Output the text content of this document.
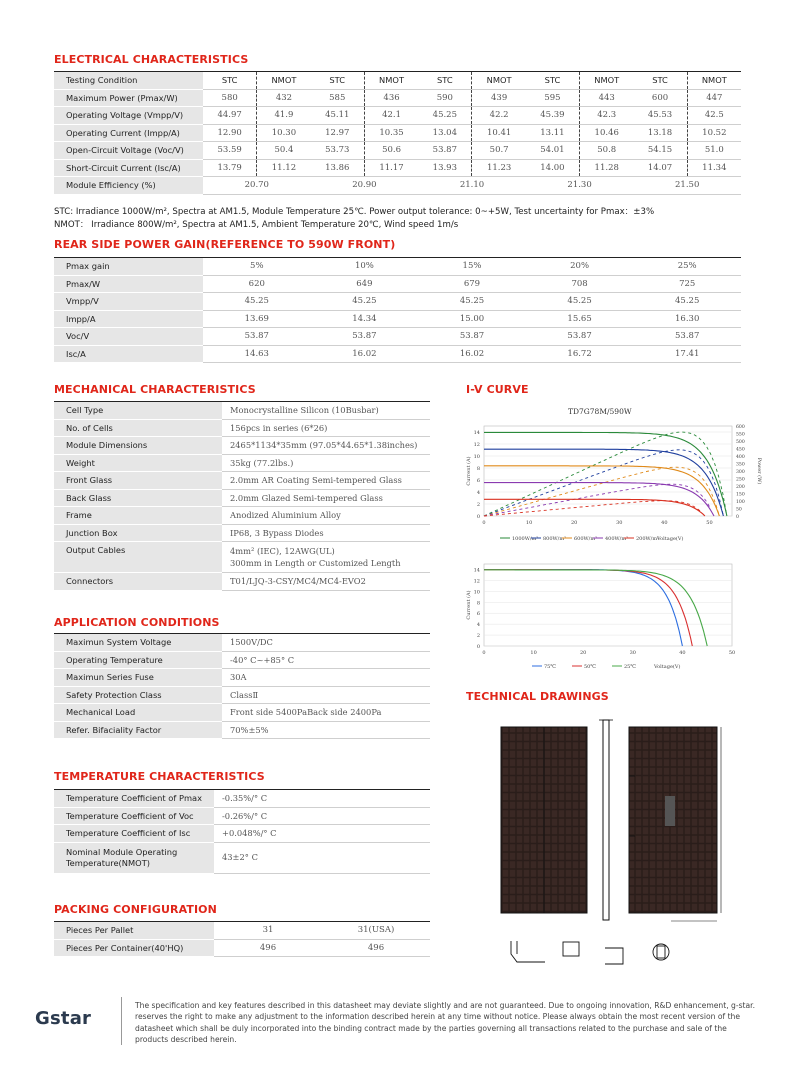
ELECTRICAL CHARACTERISTICS
Testing Condition	STC	NMOT	STC	NMOT	STC	NMOT	STC	NMOT	STC	NMOT
Maximum Power (Pmax/W)	580	432	585	436	590	439	595	443	600	447
Operating Voltage (Vmpp/V)	44.97	41.9	45.11	42.1	45.25	42.2	45.39	42.3	45.53	42.5
Operating Current (Impp/A)	12.90	10.30	12.97	10.35	13.04	10.41	13.11	10.46	13.18	10.52
Open-Circuit Voltage (Voc/V)	53.59	50.4	53.73	50.6	53.87	50.7	54.01	50.8	54.15	51.0
Short-Circuit Current (Isc/A)	13.79	11.12	13.86	11.17	13.93	11.23	14.00	11.28	14.07	11.34
Module Efficiency (%)	20.70		20.90		21.10		21.30		21.50	
STC: Irradiance 1000W/m², Spectra at AM1.5, Module Temperature 25℃. Power output tolerance: 0~+5W, Test uncertainty for Pmax：±3%
NMOT： Irradiance 800W/m², Spectra at AM1.5, Ambient Temperature 20℃, Wind speed 1m/s
REAR SIDE POWER GAIN(REFERENCE TO 590W FRONT)
Pmax gain	5%	10%	15%	20%	25%
Pmax/W	620	649	679	708	725
Vmpp/V	45.25	45.25	45.25	45.25	45.25
Impp/A	13.69	14.34	15.00	15.65	16.30
Voc/V	53.87	53.87	53.87	53.87	53.87
Isc/A	14.63	16.02	16.02	16.72	17.41
MECHANICAL CHARACTERISTICS
Cell Type	Monocrystalline Silicon (10Busbar)
No. of Cells	156pcs in series (6*26)
Module Dimensions	2465*1134*35mm (97.05*44.65*1.38inches)
Weight	35kg (77.2lbs.)
Front Glass	2.0mm AR Coating Semi-tempered Glass
Back Glass	2.0mm Glazed Semi-tempered Glass
Frame	Anodized Aluminium Alloy
Junction Box	IP68, 3 Bypass Diodes
Output Cables	4mm² (IEC), 12AWG(UL)
300mm in Length or Customized Length

Connectors	T01/LJQ-3-CSY/MC4/MC4-EVO2
APPLICATION CONDITIONS
Maximun System Voltage	1500V/DC
Operating Temperature	-40° C~+85° C
Maximun Series Fuse	30A
Safety Protection Class	ClassⅡ
Mechanical Load	Front side 5400PaBack side 2400Pa
Refer. Bifaciality Factor	70%±5%
TEMPERATURE CHARACTERISTICS
Temperature Coefficient of Pmax	-0.35%/° C
Temperature Coefficient of Voc	-0.26%/° C
Temperature Coefficient of Isc	+0.048%/° C

Nominal Module Operating
Temperature(NMOT)	43±2° C
PACKING CONFIGURATION
Pieces Per Pallet	31	31(USA)
Pieces Per Container(40'HQ)	496	496
I-V CURVE
TD7G78M/590W
0
2
4
6
8
10
12
14
0	10	20	30	40	50
Current (A)
1000W/m² 800W/m² 600W/m² 400W/m² 200W/m²
Voltage(V)
0
50
100
150
200
250
300
350
400
450
500
550
600
Power (W)
0
2
4
6
8
10
12
14
0	10	20	30	40	50
Current (A)
75℃	50℃	25℃	Voltage(V)
TECHNICAL DRAWINGS
Gstar
The specification and key features described in this datasheet may deviate slightly and are not guaranteed. Due to ongoing innovation, R&D enhancement, g-star. reserves the right to make any adjustment to the information described herein at any time without notice. Please always obtain the most recent version of the datasheet which shall be duly incorporated into the binding contract made by the parties governing all transactions related to the purchase and sale of the products described herein.
